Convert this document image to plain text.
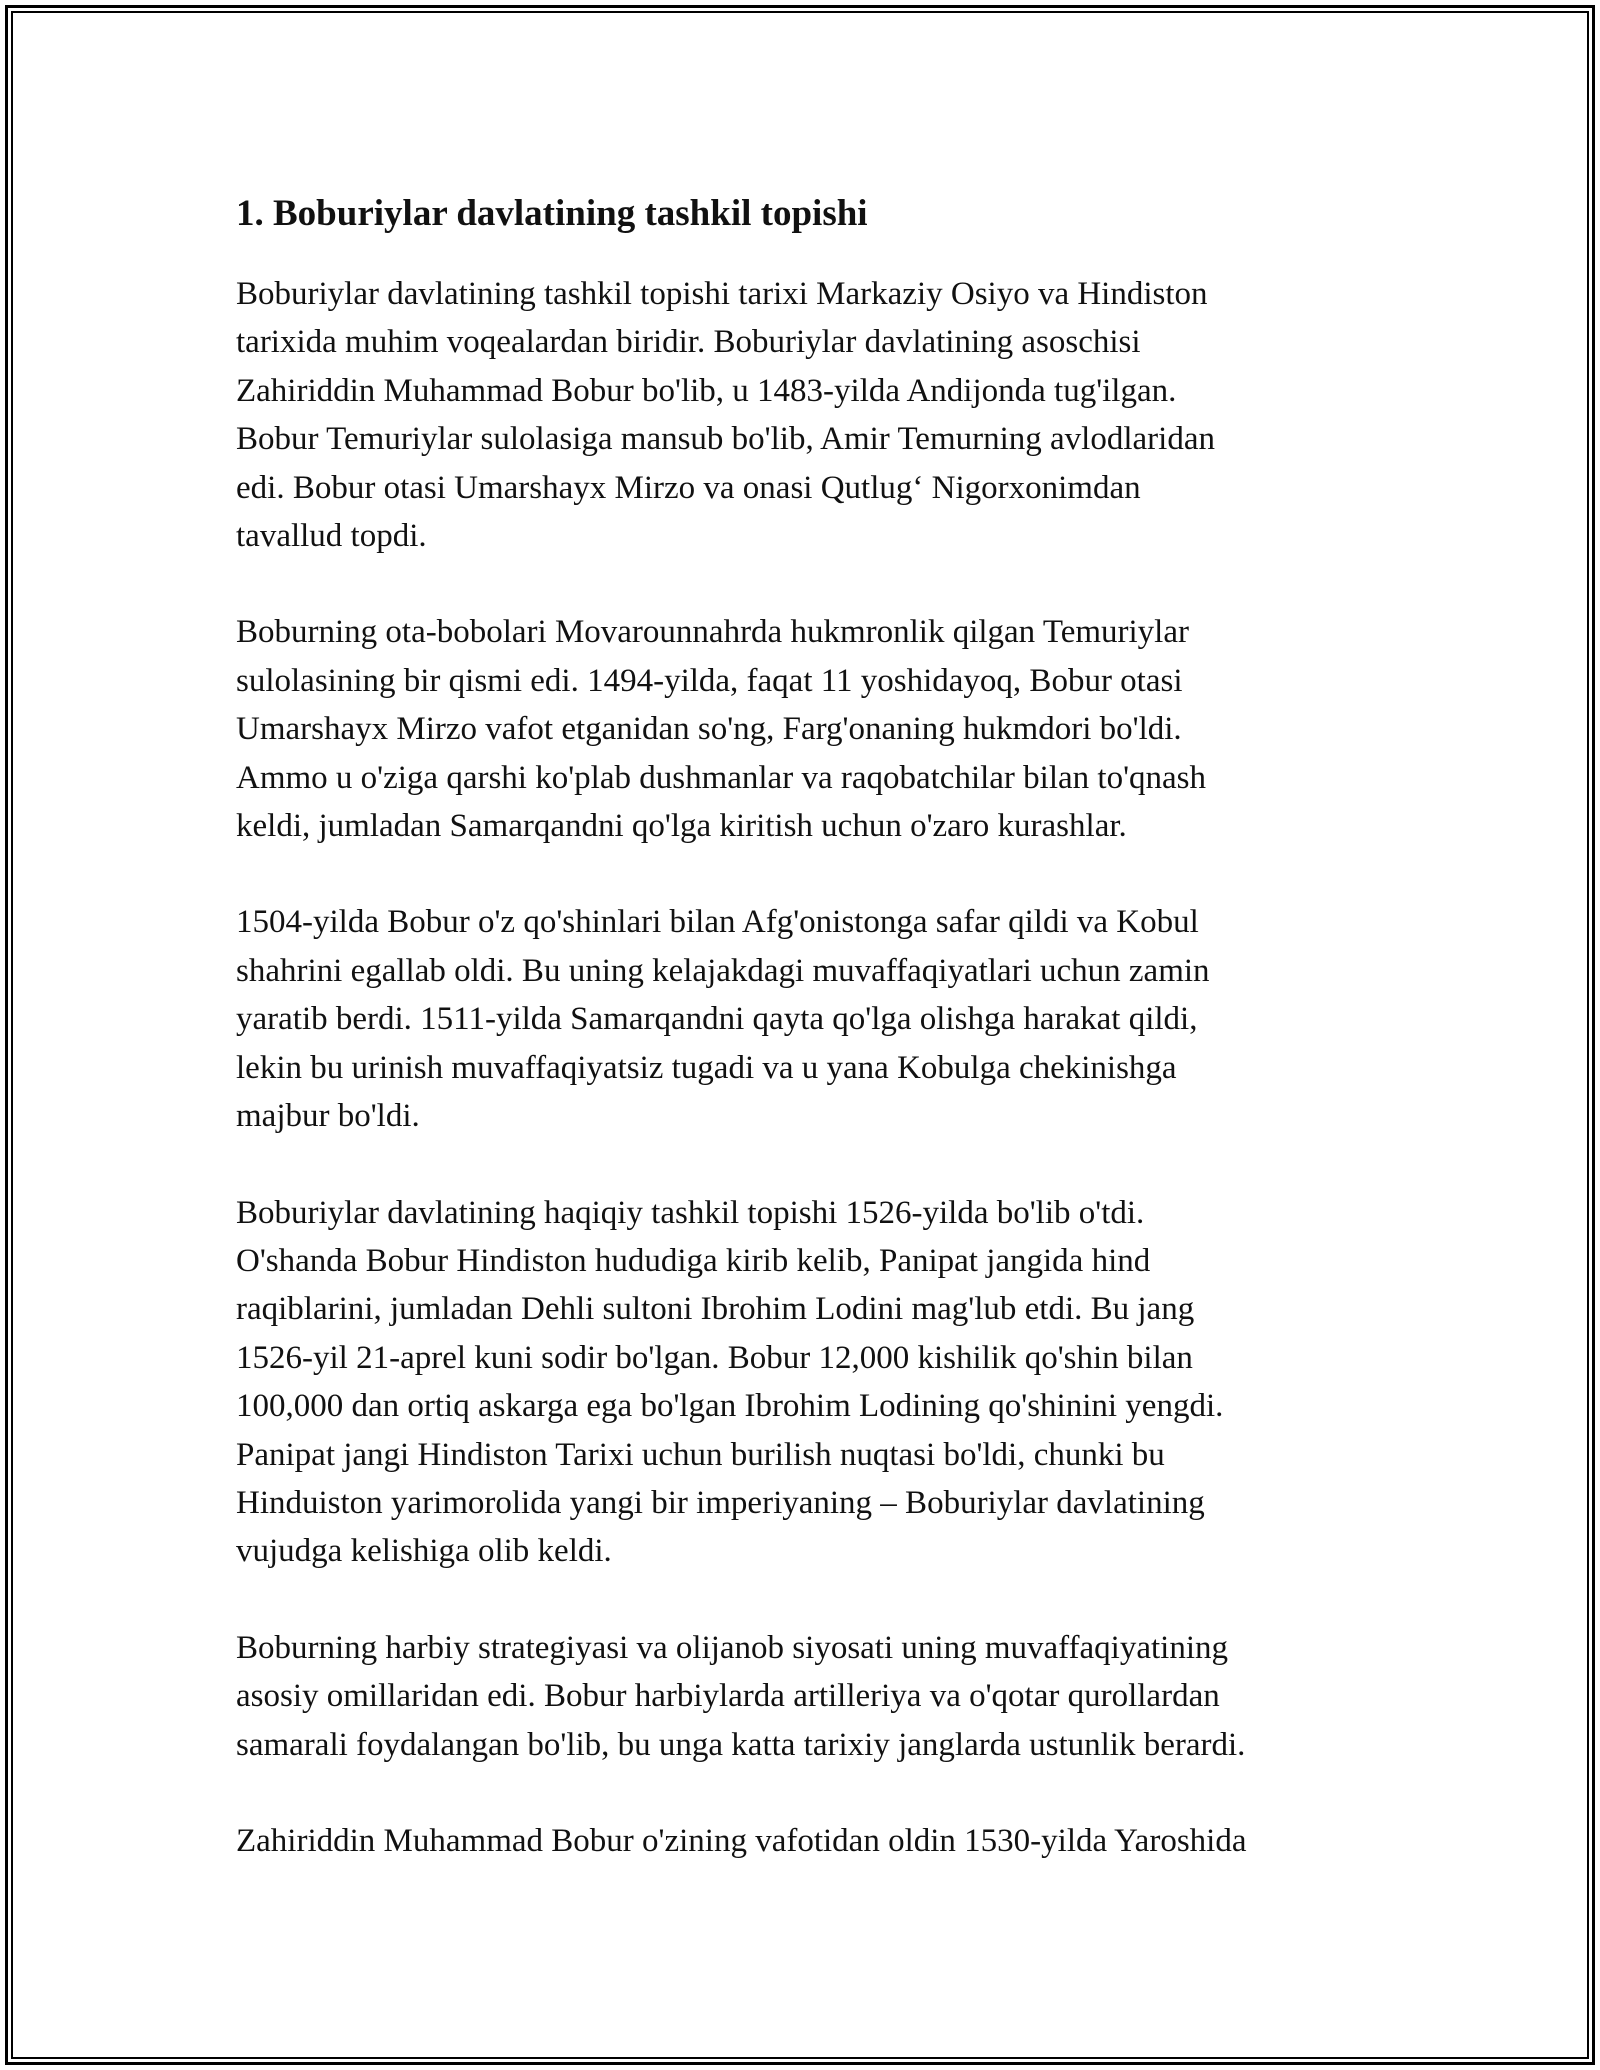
1. Boburiylar davlatining tashkil topishi

Boburiylar davlatining tashkil topishi tarixi Markaziy Osiyo va Hindiston
tarixida muhim voqealardan biridir. Boburiylar davlatining asoschisi
Zahiriddin Muhammad Bobur bo'lib, u 1483-yilda Andijonda tug'ilgan.
Bobur Temuriylar sulolasiga mansub bo'lib, Amir Temurning avlodlaridan
edi. Bobur otasi Umarshayx Mirzo va onasi Qutlug‘ Nigorxonimdan
tavallud topdi.

Boburning ota-bobolari Movarounnahrda hukmronlik qilgan Temuriylar
sulolasining bir qismi edi. 1494-yilda, faqat 11 yoshidayoq, Bobur otasi
Umarshayx Mirzo vafot etganidan so'ng, Farg'onaning hukmdori bo'ldi.
Ammo u o'ziga qarshi ko'plab dushmanlar va raqobatchilar bilan to'qnash
keldi, jumladan Samarqandni qo'lga kiritish uchun o'zaro kurashlar.

1504-yilda Bobur o'z qo'shinlari bilan Afg'onistonga safar qildi va Kobul
shahrini egallab oldi. Bu uning kelajakdagi muvaffaqiyatlari uchun zamin
yaratib berdi. 1511-yilda Samarqandni qayta qo'lga olishga harakat qildi,
lekin bu urinish muvaffaqiyatsiz tugadi va u yana Kobulga chekinishga
majbur bo'ldi.

Boburiylar davlatining haqiqiy tashkil topishi 1526-yilda bo'lib o'tdi.
O'shanda Bobur Hindiston hududiga kirib kelib, Panipat jangida hind
raqiblarini, jumladan Dehli sultoni Ibrohim Lodini mag'lub etdi. Bu jang
1526-yil 21-aprel kuni sodir bo'lgan. Bobur 12,000 kishilik qo'shin bilan
100,000 dan ortiq askarga ega bo'lgan Ibrohim Lodining qo'shinini yengdi.
Panipat jangi Hindiston Tarixi uchun burilish nuqtasi bo'ldi, chunki bu
Hinduiston yarimorolida yangi bir imperiyaning – Boburiylar davlatining
vujudga kelishiga olib keldi.

Boburning harbiy strategiyasi va olijanob siyosati uning muvaffaqiyatining
asosiy omillaridan edi. Bobur harbiylarda artilleriya va o'qotar qurollardan
samarali foydalangan bo'lib, bu unga katta tarixiy janglarda ustunlik berardi.

Zahiriddin Muhammad Bobur o'zining vafotidan oldin 1530-yilda Yaroshida
